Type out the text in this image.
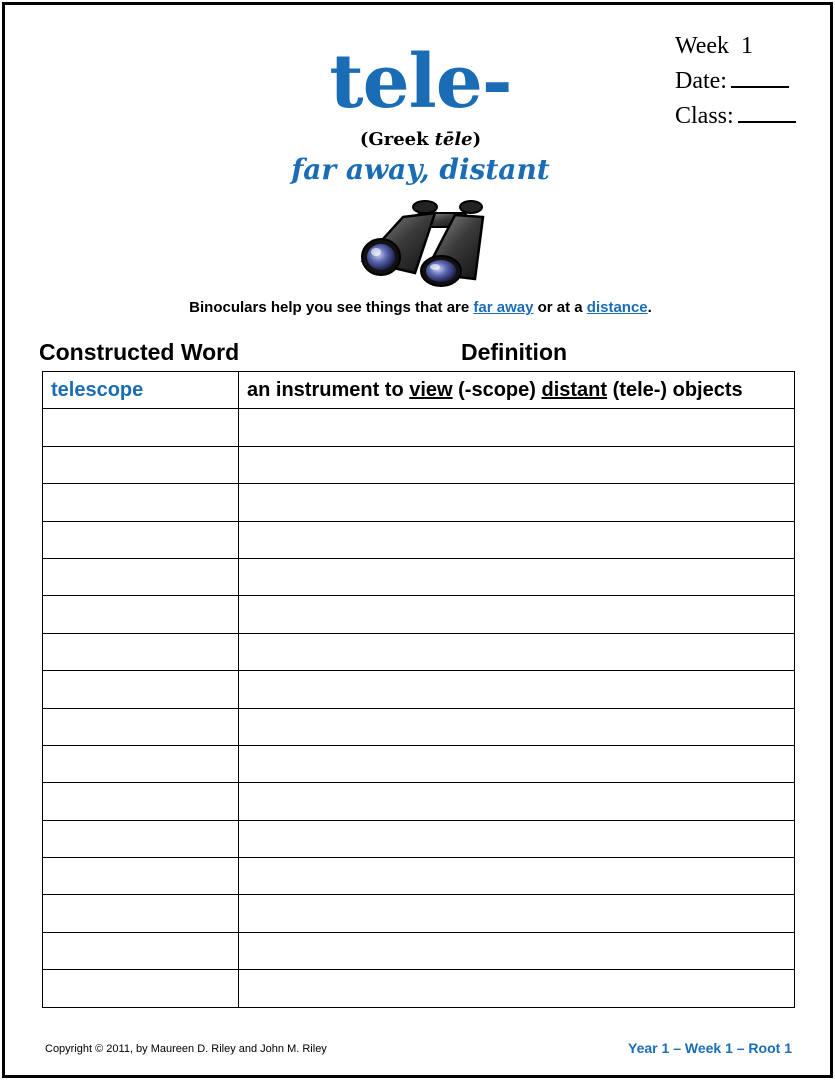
tele-
(Greek tēle)
far away, distant
Week 1
Date:
Class:
Binoculars help you see things that are far away or at a distance.
Constructed Word	Definition
telescope	an instrument to view (-scope) distant (tele-) objects

Copyright © 2011, by Maureen D. Riley and John M. Riley	Year 1 – Week 1 – Root 1
